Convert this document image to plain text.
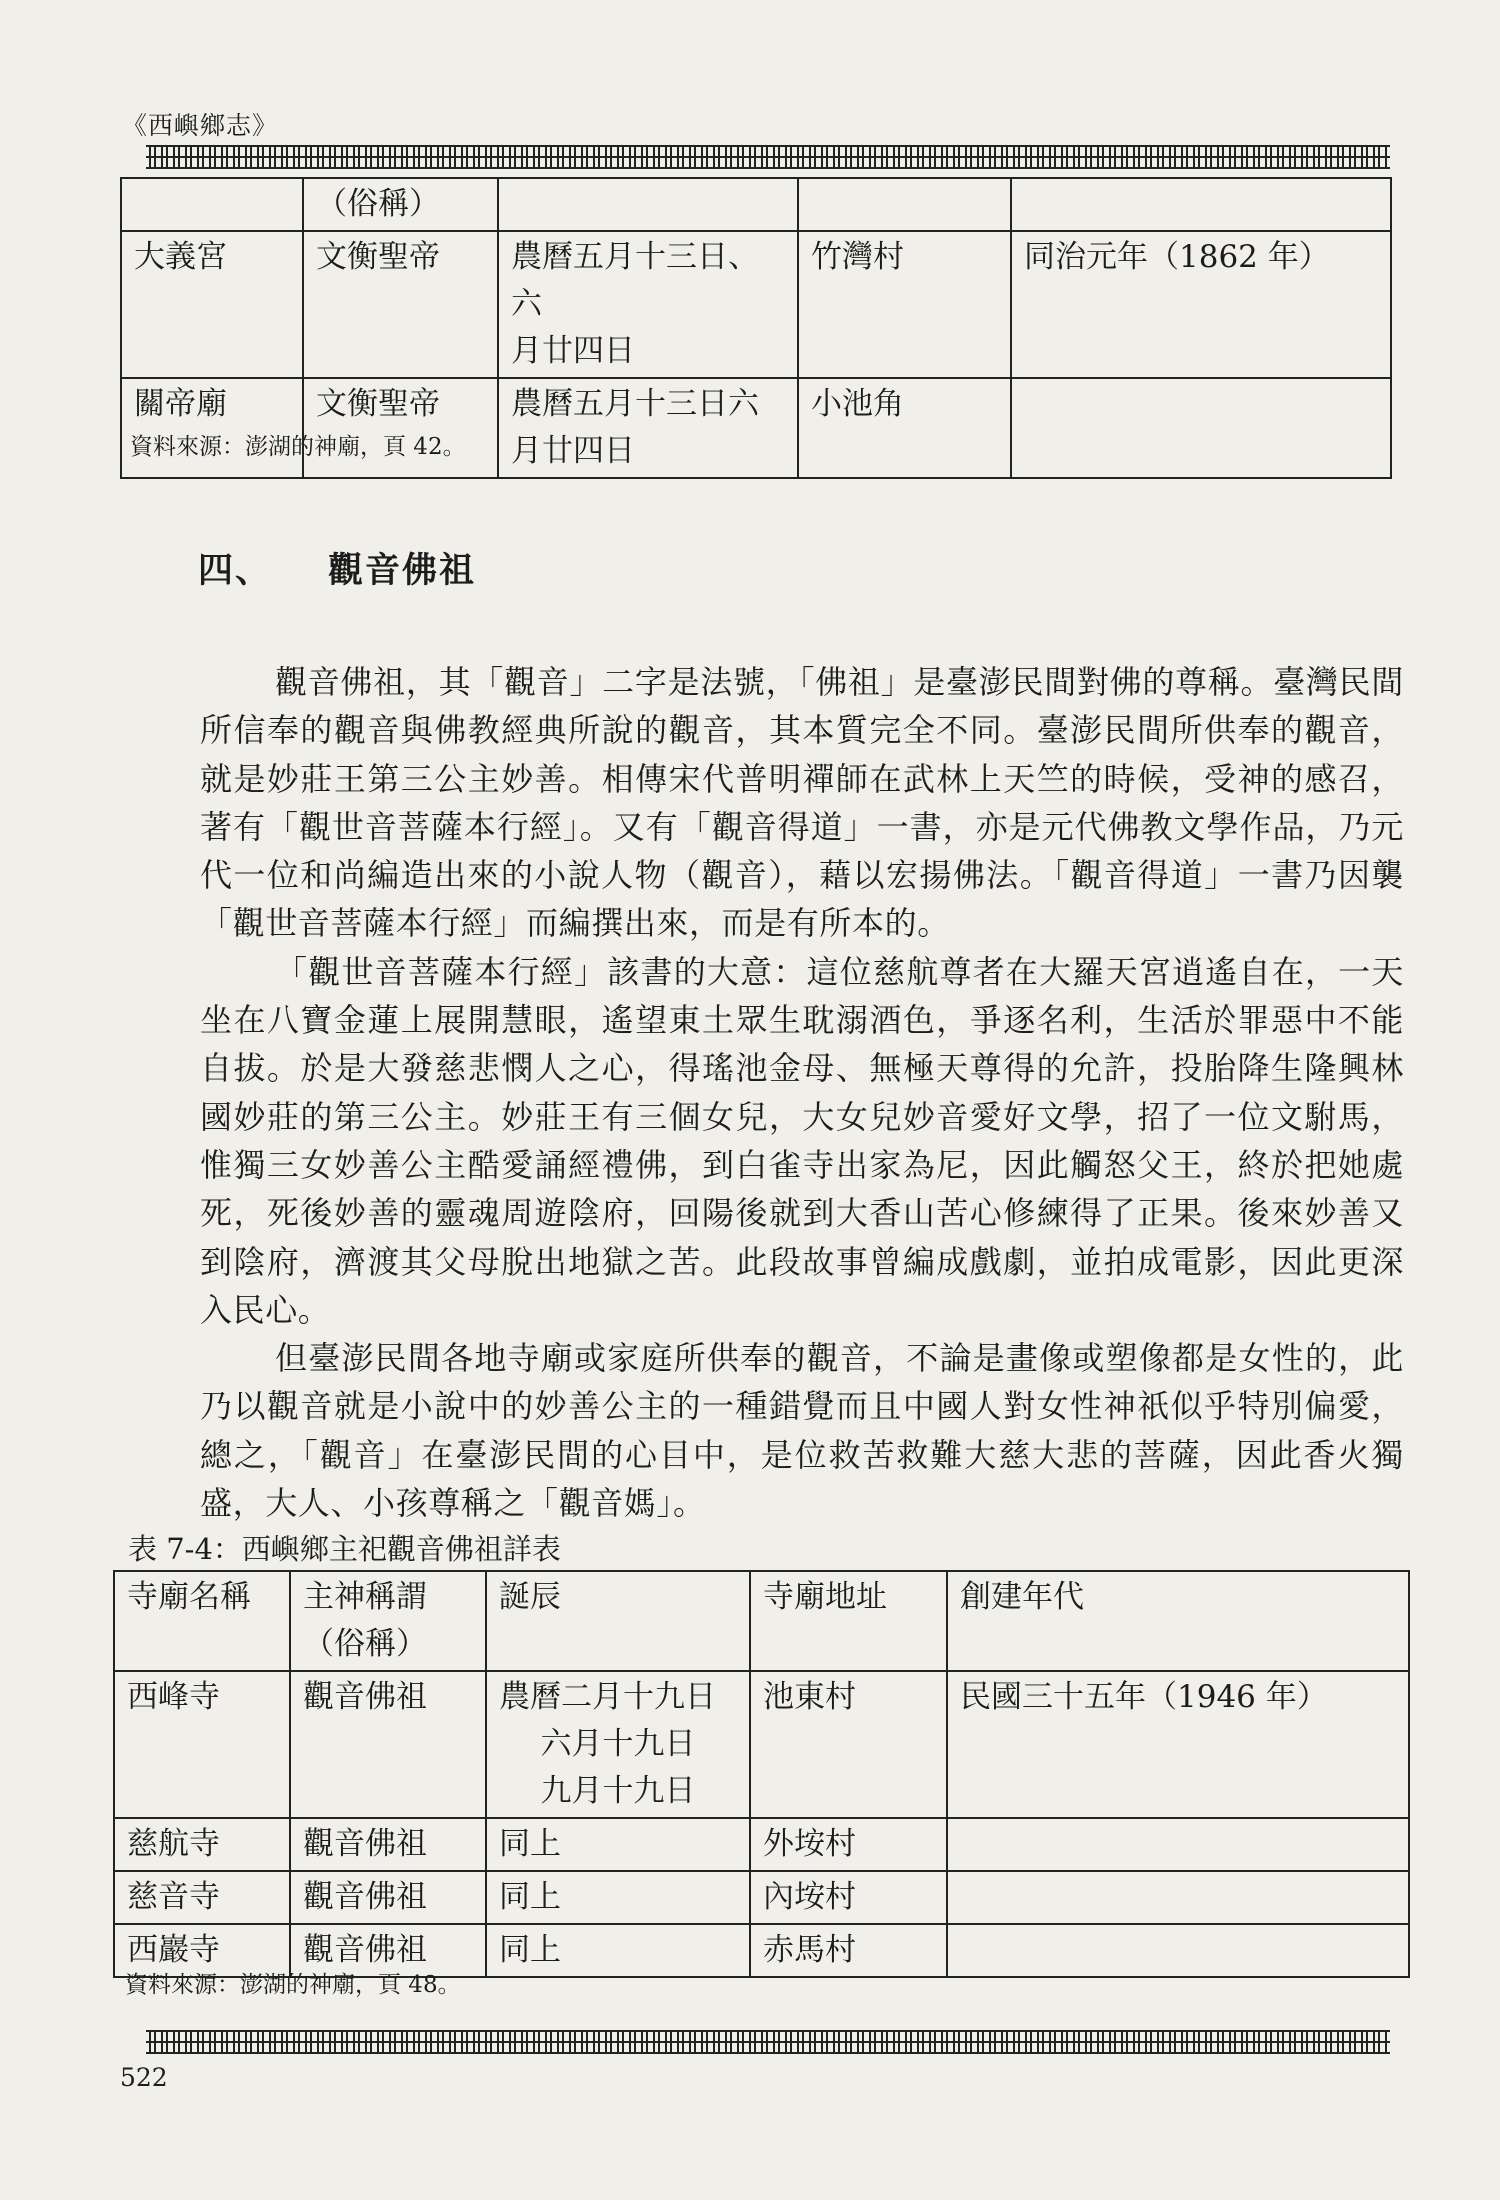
《西嶼鄉志》
	（俗稱）			
大義宮	文衡聖帝	農曆五月十三日、六
月廿四日	竹灣村	同治元年（1862 年）
關帝廟	文衡聖帝	農曆五月十三日六
月廿四日	小池角	
資料來源：澎湖的神廟，頁 42。
四、 觀音佛祖

觀音佛祖，其「觀音」二字是法號，「佛祖」是臺澎民間對佛的尊稱。臺灣民間所信奉的觀音與佛教經典所說的觀音，其本質完全不同。臺澎民間所供奉的觀音，就是妙莊王第三公主妙善。相傳宋代普明禪師在武林上天竺的時候，受神的感召，著有「觀世音菩薩本行經」。又有「觀音得道」一書，亦是元代佛教文學作品，乃元代一位和尚編造出來的小說人物（觀音），藉以宏揚佛法。「觀音得道」一書乃因襲「觀世音菩薩本行經」而編撰出來，而是有所本的。

「觀世音菩薩本行經」該書的大意：這位慈航尊者在大羅天宮逍遙自在，一天坐在八寶金蓮上展開慧眼，遙望東土眾生耽溺酒色，爭逐名利，生活於罪惡中不能自拔。於是大發慈悲憫人之心，得瑤池金母、無極天尊得的允許，投胎降生隆興林國妙莊的第三公主。妙莊王有三個女兒，大女兒妙音愛好文學，招了一位文駙馬，惟獨三女妙善公主酷愛誦經禮佛，到白雀寺出家為尼，因此觸怒父王，終於把她處死，死後妙善的靈魂周遊陰府，回陽後就到大香山苦心修練得了正果。後來妙善又到陰府，濟渡其父母脫出地獄之苦。此段故事曾編成戲劇，並拍成電影，因此更深入民心。

但臺澎民間各地寺廟或家庭所供奉的觀音，不論是畫像或塑像都是女性的，此乃以觀音就是小說中的妙善公主的一種錯覺而且中國人對女性神祇似乎特別偏愛，總之，「觀音」在臺澎民間的心目中，是位救苦救難大慈大悲的菩薩，因此香火獨盛，大人、小孩尊稱之「觀音媽」。

表 7-4：西嶼鄉主祀觀音佛祖詳表
寺廟名稱	主神稱謂
（俗稱）	誕辰	寺廟地址	創建年代
西峰寺	觀音佛祖	農曆二月十九日
六月十九日
九月十九日	池東村	民國三十五年（1946 年）
慈航寺	觀音佛祖	同上	外垵村	
慈音寺	觀音佛祖	同上	內垵村	
西巖寺	觀音佛祖	同上	赤馬村	
資料來源：澎湖的神廟，頁 48。
522
